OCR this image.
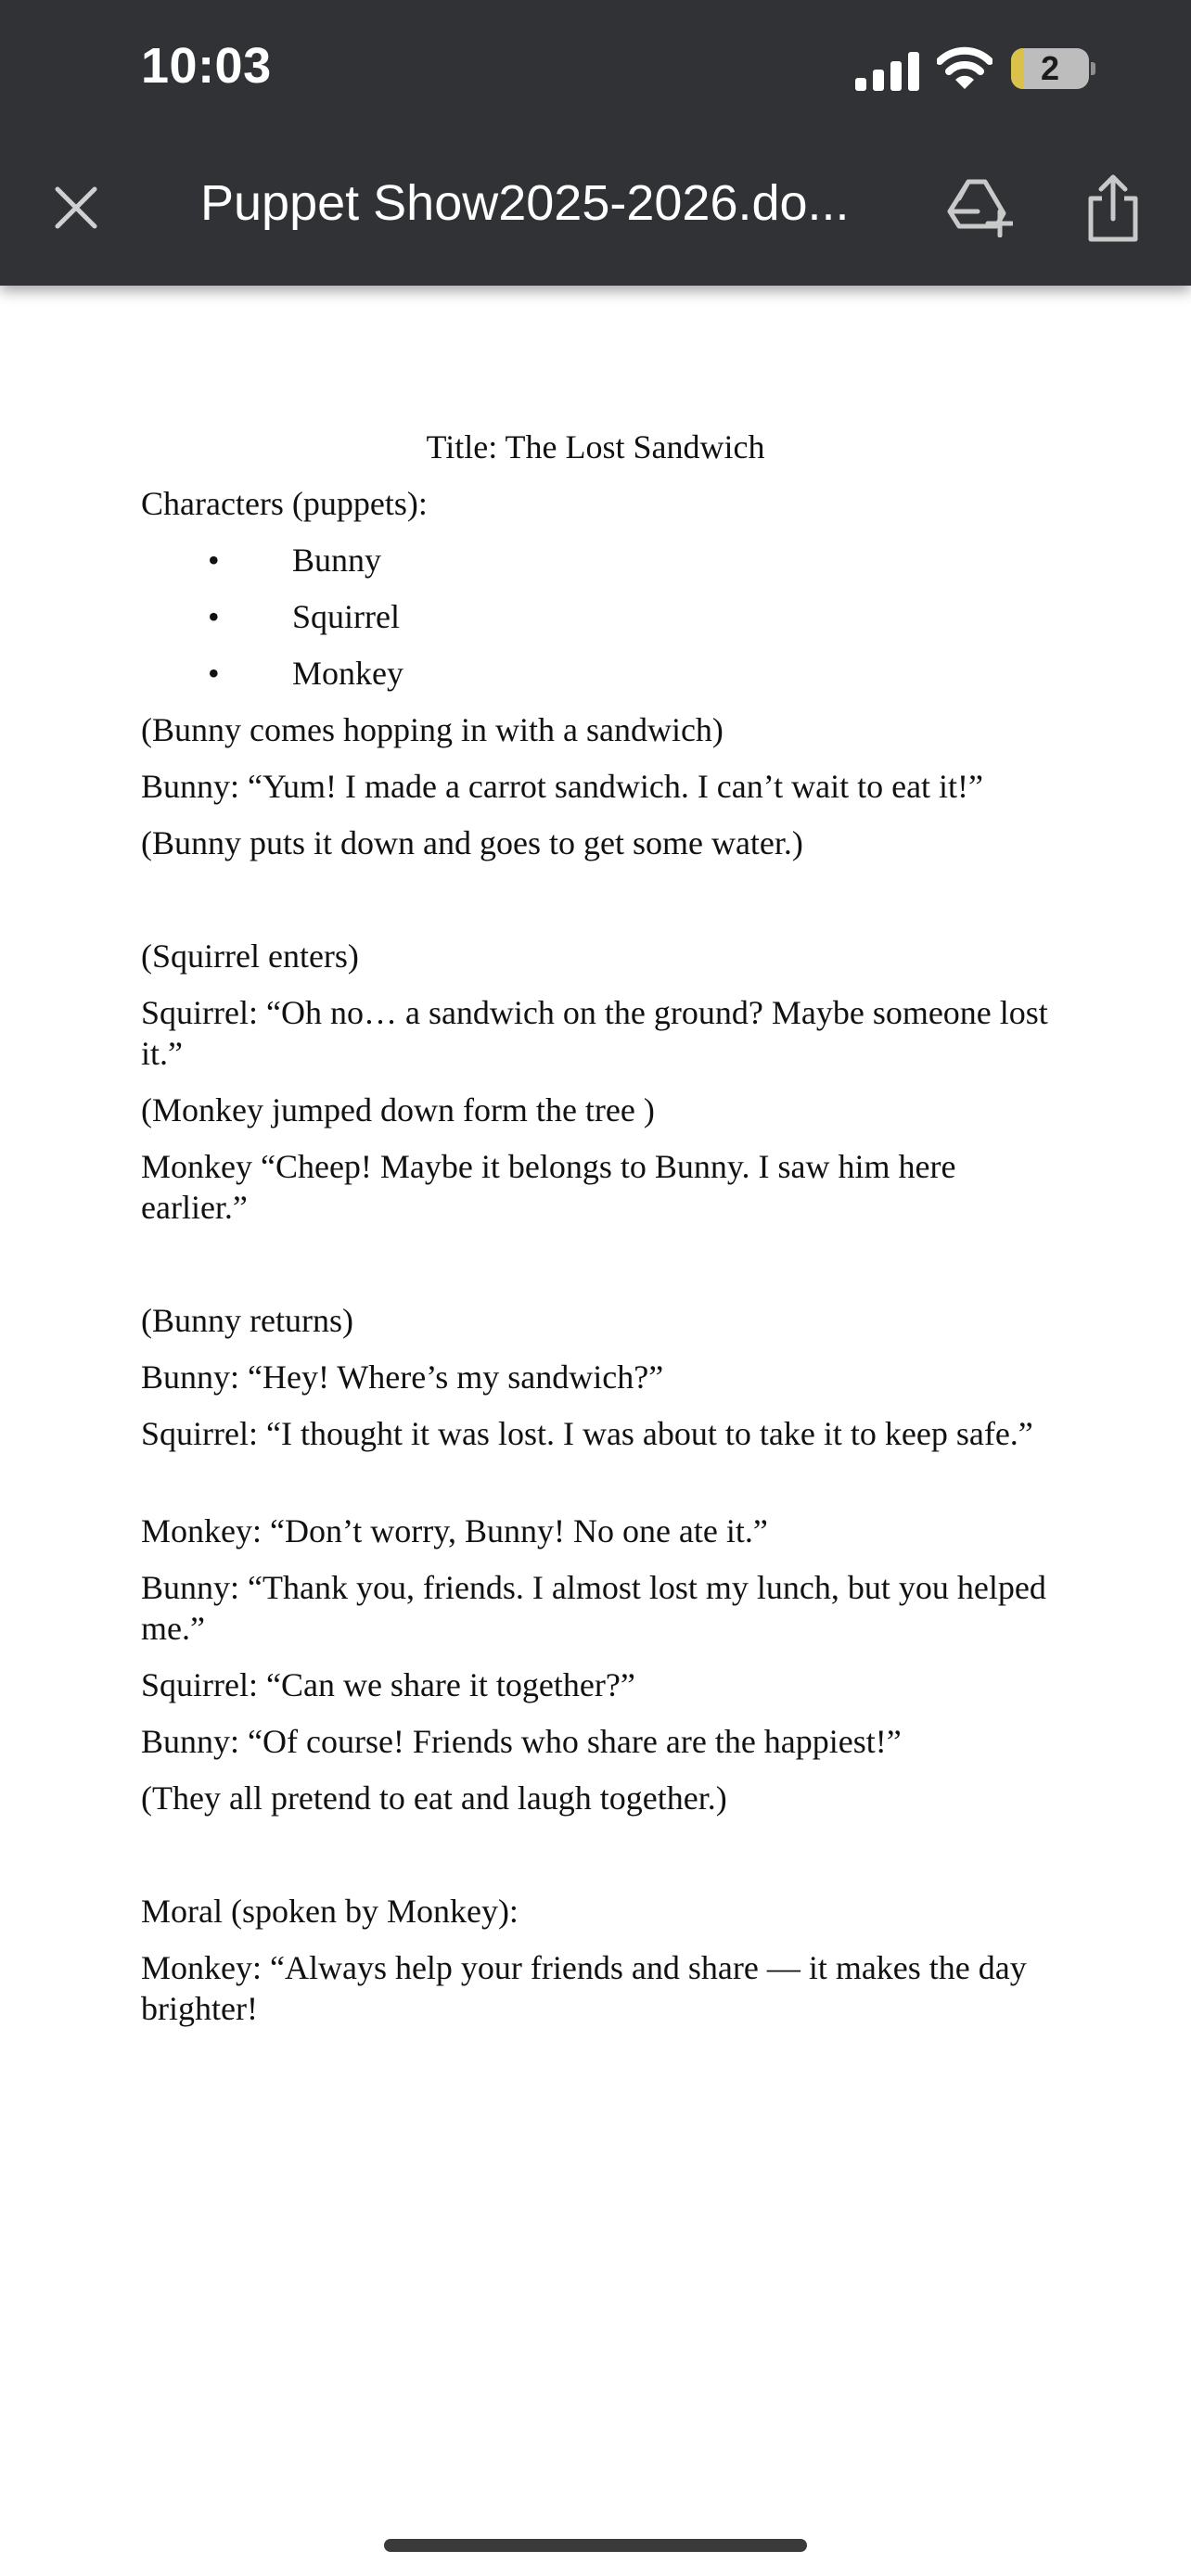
10:03	2
Puppet Show2025-2026.do...
Title: The Lost Sandwich

Characters (puppets):

• Bunny
• Squirrel
• Monkey

(Bunny comes hopping in with a sandwich)

Bunny: “Yum! I made a carrot sandwich. I can’t wait to eat it!”

(Bunny puts it down and goes to get some water.)

(Squirrel enters)

Squirrel: “Oh no… a sandwich on the ground? Maybe someone lost it.”

(Monkey jumped down form the tree )

Monkey “Cheep! Maybe it belongs to Bunny. I saw him here earlier.”

(Bunny returns)

Bunny: “Hey! Where’s my sandwich?”

Squirrel: “I thought it was lost. I was about to take it to keep safe.”

Monkey: “Don’t worry, Bunny! No one ate it.”

Bunny: “Thank you, friends. I almost lost my lunch, but you helped me.”

Squirrel: “Can we share it together?”

Bunny: “Of course! Friends who share are the happiest!”

(They all pretend to eat and laugh together.)

Moral (spoken by Monkey):

Monkey: “Always help your friends and share — it makes the day brighter!
